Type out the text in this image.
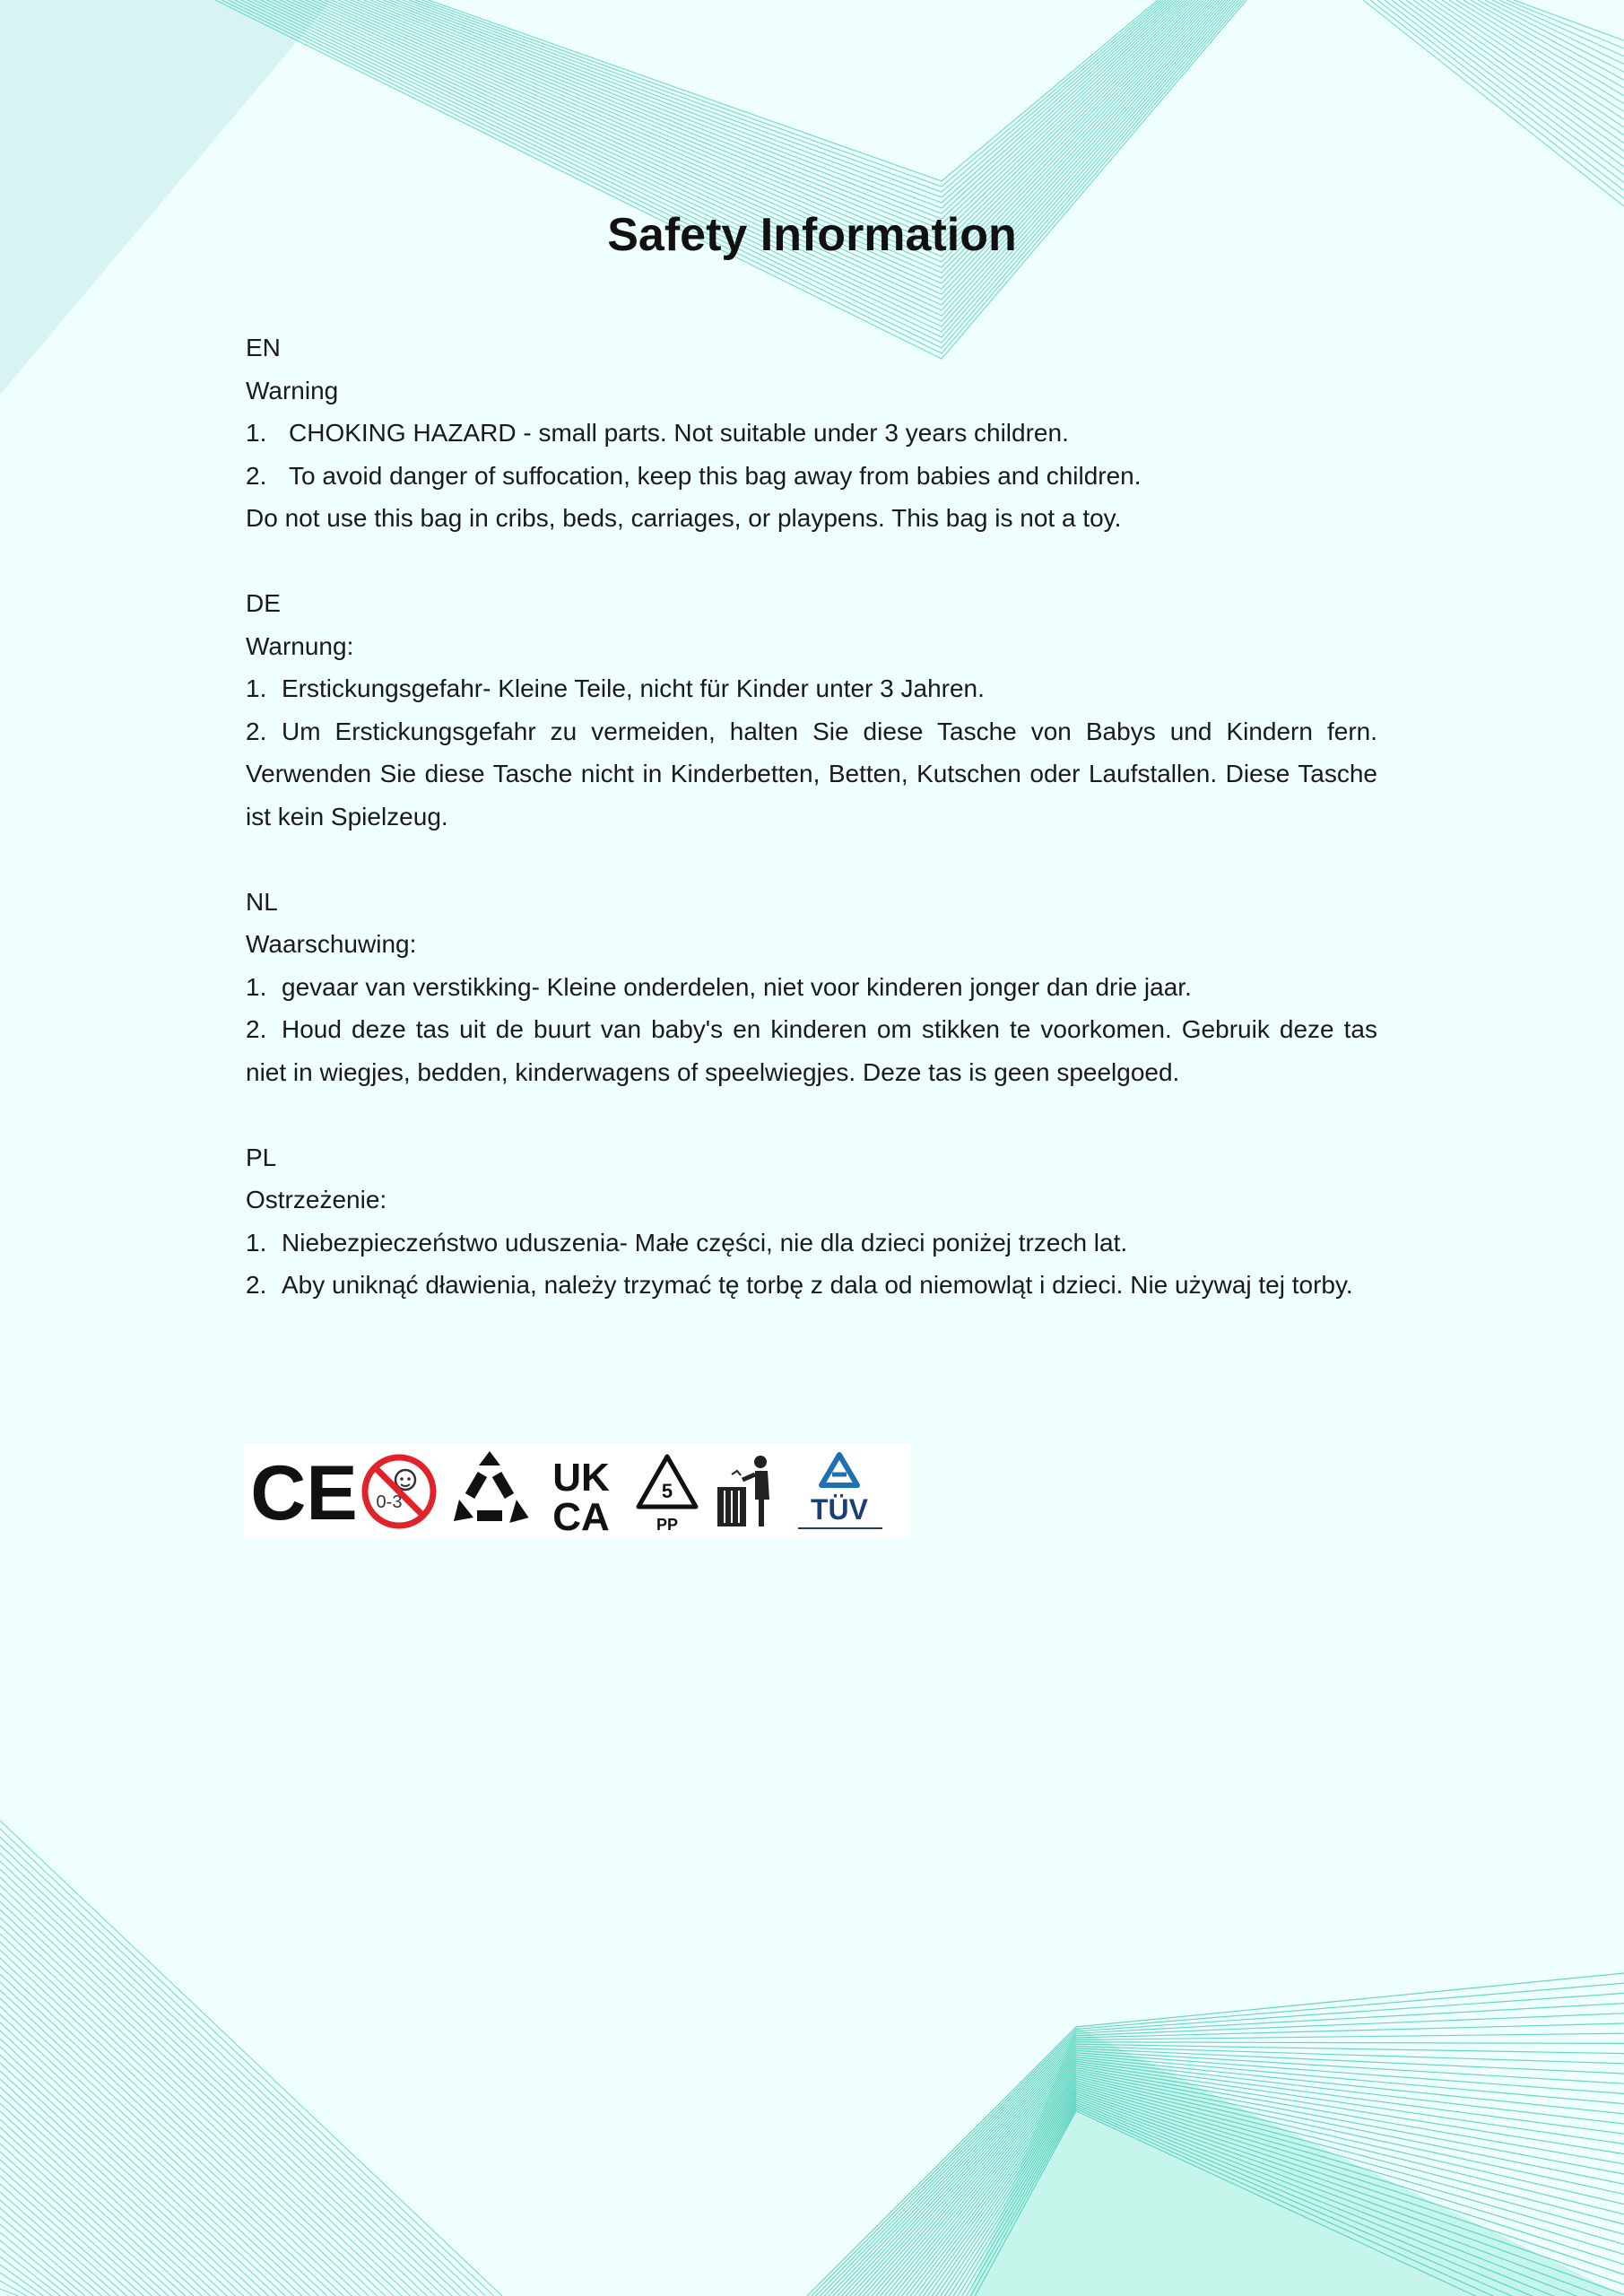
Safety Information
EN
Warning
1. CHOKING HAZARD - small parts. Not suitable under 3 years children.
2. To avoid danger of suffocation, keep this bag away from babies and children.
Do not use this bag in cribs, beds, carriages, or playpens. This bag is not a toy.
DE
Warnung:
1. Erstickungsgefahr- Kleine Teile, nicht für Kinder unter 3 Jahren.
2. Um Erstickungsgefahr zu vermeiden, halten Sie diese Tasche von Babys und Kindern fern. Verwenden Sie diese Tasche nicht in Kinderbetten, Betten, Kutschen oder Laufstallen. Diese Tasche ist kein Spielzeug.
NL
Waarschuwing:
1. gevaar van verstikking- Kleine onderdelen, niet voor kinderen jonger dan drie jaar.
2. Houd deze tas uit de buurt van baby's en kinderen om stikken te voorkomen. Gebruik deze tas niet in wiegjes, bedden, kinderwagens of speelwiegjes. Deze tas is geen speelgoed.
PL
Ostrzeżenie:
1. Niebezpieczeństwo uduszenia- Małe części, nie dla dzieci poniżej trzech lat.
2. Aby uniknąć dławienia, należy trzymać tę torbę z dala od niemowląt i dzieci. Nie używaj tej torby.
CE 0-3
UK
CA
5
PP	TÜV
